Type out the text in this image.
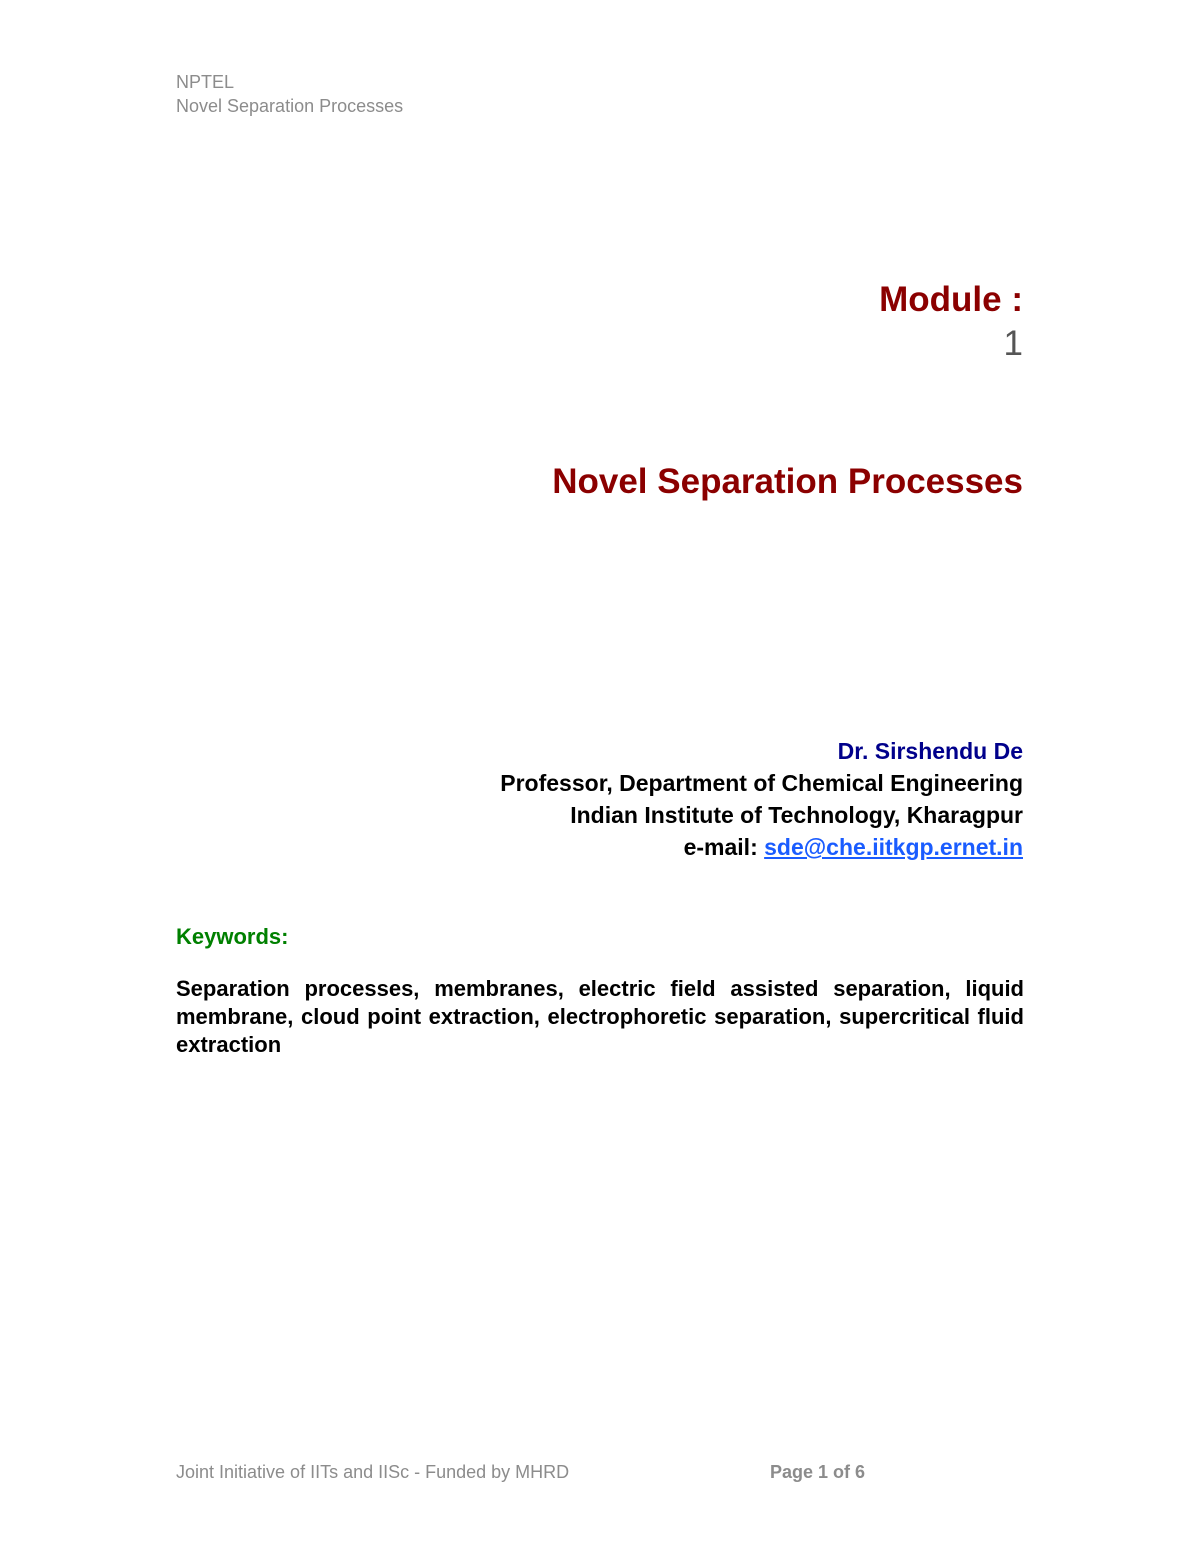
NPTEL
Novel Separation Processes
Module :
1
Novel Separation Processes
Dr. Sirshendu De
Professor, Department of Chemical Engineering
Indian Institute of Technology, Kharagpur
e-mail: sde@che.iitkgp.ernet.in
Keywords:
Separation processes, membranes, electric field assisted separation, liquid membrane, cloud point extraction, electrophoretic separation, supercritical fluid extraction
Joint Initiative of IITs and IISc - Funded by MHRD	Page 1 of 6
